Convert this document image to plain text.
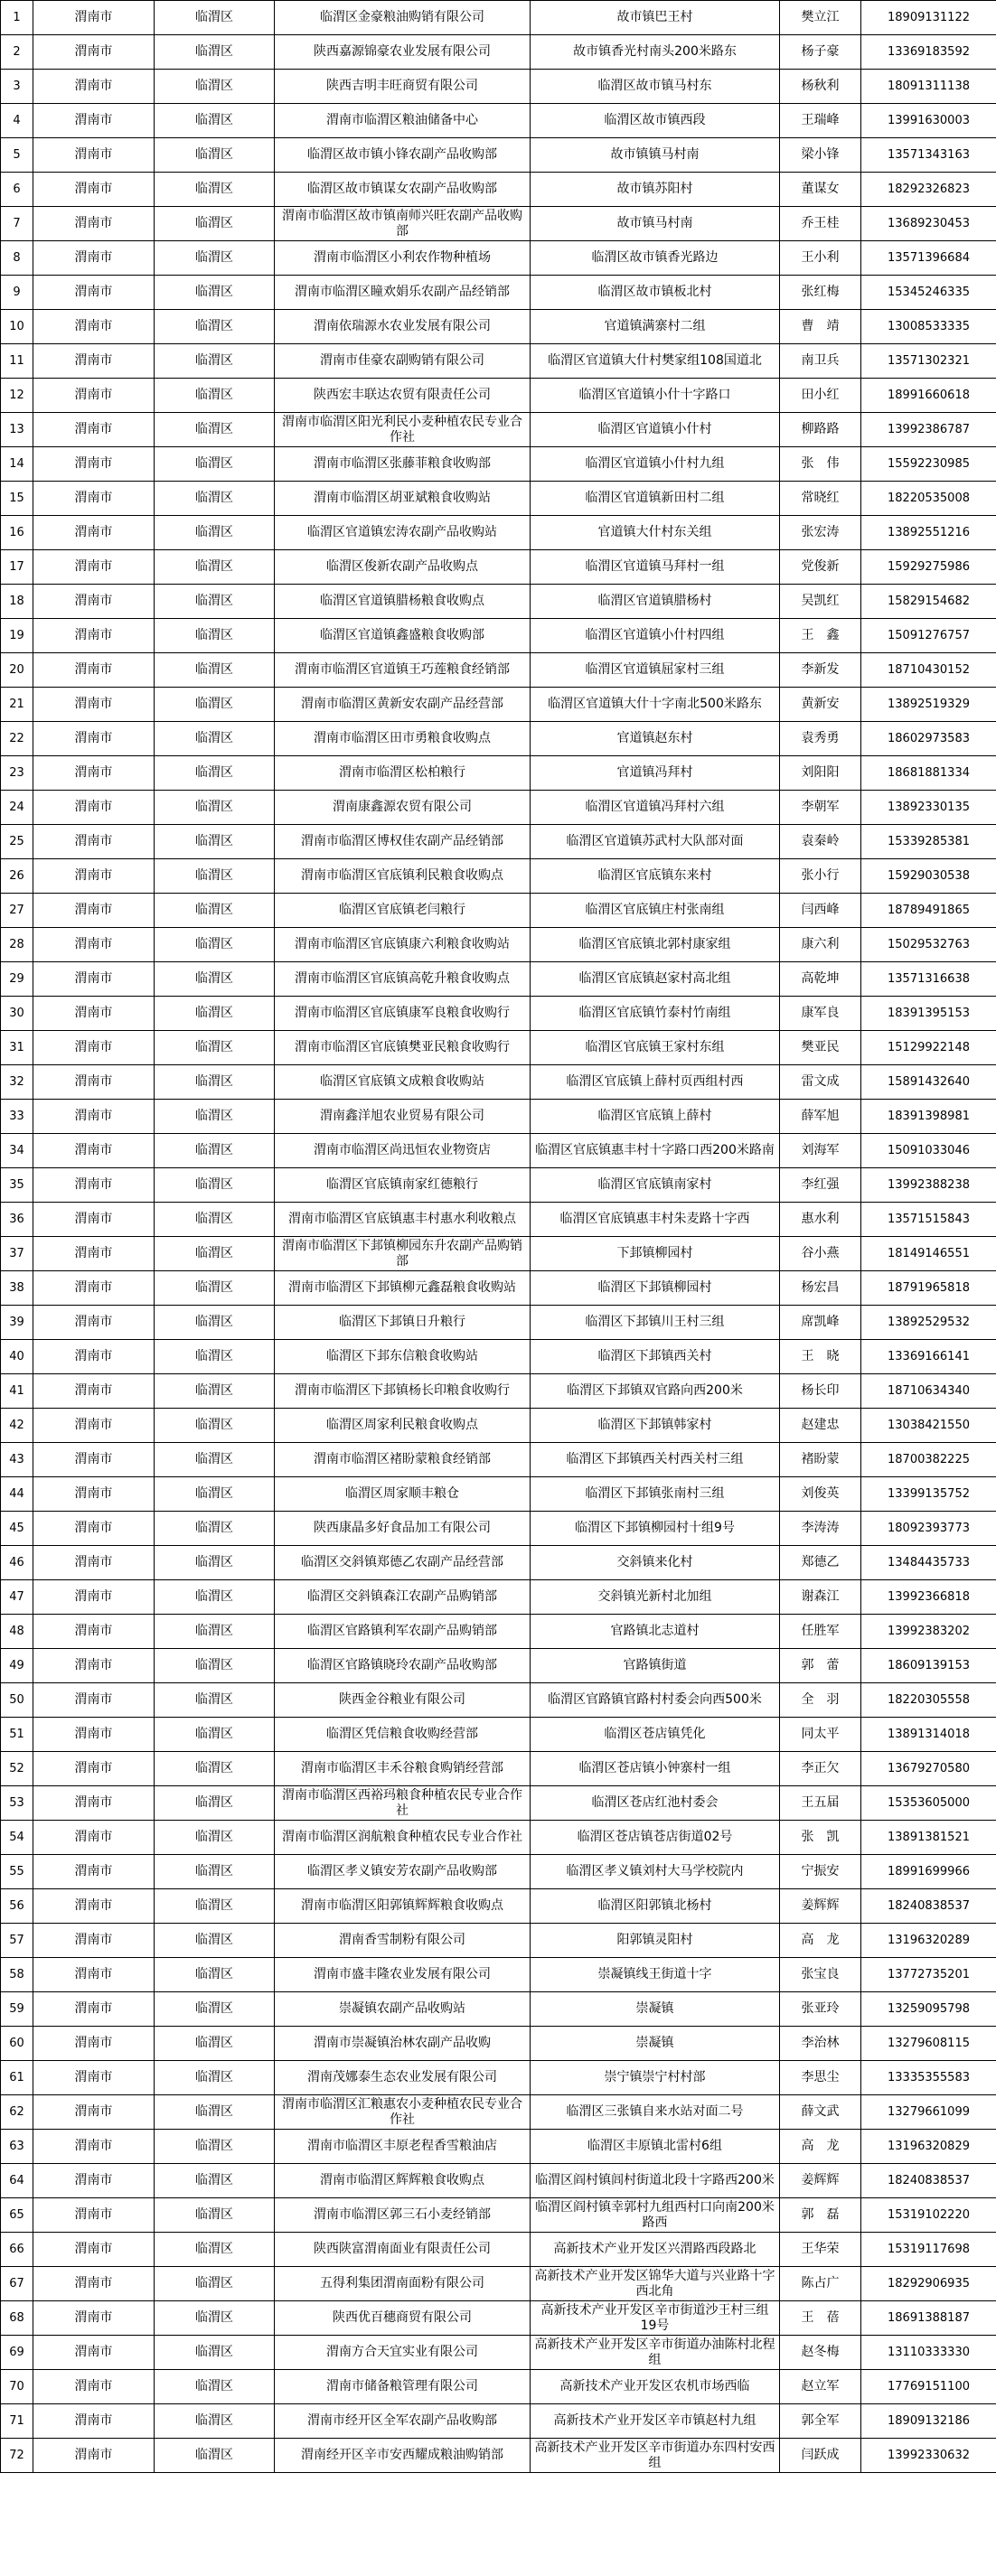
1	渭南市	临渭区	临渭区金豪粮油购销有限公司	故市镇巴王村	樊立江	18909131122
2	渭南市	临渭区	陕西嘉源锦豪农业发展有限公司	故市镇香光村南头200米路东	杨子豪	13369183592
3	渭南市	临渭区	陕西吉明丰旺商贸有限公司	临渭区故市镇马村东	杨秋利	18091311138
4	渭南市	临渭区	渭南市临渭区粮油储备中心	临渭区故市镇西段	王瑞峰	13991630003
5	渭南市	临渭区	临渭区故市镇小锋农副产品收购部	故市镇镇马村南	梁小锋	13571343163
6	渭南市	临渭区	临渭区故市镇谋女农副产品收购部	故市镇苏阳村	董谋女	18292326823
7	渭南市	临渭区	渭南市临渭区故市镇南师兴旺农副产品收购部	故市镇马村南	乔王桂	13689230453
8	渭南市	临渭区	渭南市临渭区小利农作物种植场	临渭区故市镇香光路边	王小利	13571396684
9	渭南市	临渭区	渭南市临渭区瞳欢娟乐农副产品经销部	临渭区故市镇板北村	张红梅	15345246335
10	渭南市	临渭区	渭南依瑞源水农业发展有限公司	官道镇满寨村二组	曹　靖	13008533335
11	渭南市	临渭区	渭南市佳豪农副购销有限公司	临渭区官道镇大什村樊家组108国道北	南卫兵	13571302321
12	渭南市	临渭区	陕西宏丰联达农贸有限责任公司	临渭区官道镇小什十字路口	田小红	18991660618
13	渭南市	临渭区	渭南市临渭区阳光利民小麦种植农民专业合作社	临渭区官道镇小什村	柳路路	13992386787
14	渭南市	临渭区	渭南市临渭区张藤菲粮食收购部	临渭区官道镇小什村九组	张　伟	15592230985
15	渭南市	临渭区	渭南市临渭区胡亚斌粮食收购站	临渭区官道镇新田村二组	常晓红	18220535008
16	渭南市	临渭区	临渭区官道镇宏涛农副产品收购站	官道镇大什村东关组	张宏涛	13892551216
17	渭南市	临渭区	临渭区俊新农副产品收购点	临渭区官道镇马拜村一组	党俊新	15929275986
18	渭南市	临渭区	临渭区官道镇腊杨粮食收购点	临渭区官道镇腊杨村	吴凯红	15829154682
19	渭南市	临渭区	临渭区官道镇鑫盛粮食收购部	临渭区官道镇小什村四组	王　鑫	15091276757
20	渭南市	临渭区	渭南市临渭区官道镇王巧莲粮食经销部	临渭区官道镇屈家村三组	李新发	18710430152
21	渭南市	临渭区	渭南市临渭区黄新安农副产品经营部	临渭区官道镇大什十字南北500米路东	黄新安	13892519329
22	渭南市	临渭区	渭南市临渭区田市勇粮食收购点	官道镇赵东村	袁秀勇	18602973583
23	渭南市	临渭区	渭南市临渭区松柏粮行	官道镇冯拜村	刘阳阳	18681881334
24	渭南市	临渭区	渭南康鑫源农贸有限公司	临渭区官道镇冯拜村六组	李朝军	13892330135
25	渭南市	临渭区	渭南市临渭区博权佳农副产品经销部	临渭区官道镇苏武村大队部对面	袁秦岭	15339285381
26	渭南市	临渭区	渭南市临渭区官底镇利民粮食收购点	临渭区官底镇东来村	张小行	15929030538
27	渭南市	临渭区	临渭区官底镇老闫粮行	临渭区官底镇庄村张南组	闫西峰	18789491865
28	渭南市	临渭区	渭南市临渭区官底镇康六利粮食收购站	临渭区官底镇北郭村康家组	康六利	15029532763
29	渭南市	临渭区	渭南市临渭区官底镇高乾升粮食收购点	临渭区官底镇赵家村高北组	高乾坤	13571316638
30	渭南市	临渭区	渭南市临渭区官底镇康军良粮食收购行	临渭区官底镇竹泰村竹南组	康军良	18391395153
31	渭南市	临渭区	渭南市临渭区官底镇樊亚民粮食收购行	临渭区官底镇王家村东组	樊亚民	15129922148
32	渭南市	临渭区	临渭区官底镇文成粮食收购站	临渭区官底镇上薛村页西组村西	雷文成	15891432640
33	渭南市	临渭区	渭南鑫洋旭农业贸易有限公司	临渭区官底镇上薛村	薛军旭	18391398981
34	渭南市	临渭区	渭南市临渭区尚迅恒农业物资店	临渭区官底镇惠丰村十字路口西200米路南	刘海军	15091033046
35	渭南市	临渭区	临渭区官底镇南家红德粮行	临渭区官底镇南家村	李红强	13992388238
36	渭南市	临渭区	渭南市临渭区官底镇惠丰村惠水利收粮点	临渭区官底镇惠丰村朱麦路十字西	惠水利	13571515843
37	渭南市	临渭区	渭南市临渭区下邽镇柳园东升农副产品购销部	下邽镇柳园村	谷小燕	18149146551
38	渭南市	临渭区	渭南市临渭区下邽镇柳元鑫磊粮食收购站	临渭区下邽镇柳园村	杨宏昌	18791965818
39	渭南市	临渭区	临渭区下邽镇日升粮行	临渭区下邽镇川王村三组	席凯峰	13892529532
40	渭南市	临渭区	临渭区下邽东信粮食收购站	临渭区下邽镇西关村	王　晓	13369166141
41	渭南市	临渭区	渭南市临渭区下邽镇杨长印粮食收购行	临渭区下邽镇双官路向西200米	杨长印	18710634340
42	渭南市	临渭区	临渭区周家利民粮食收购点	临渭区下邽镇韩家村	赵建忠	13038421550
43	渭南市	临渭区	渭南市临渭区褚盼蒙粮食经销部	临渭区下邽镇西关村西关村三组	褚盼蒙	18700382225
44	渭南市	临渭区	临渭区周家顺丰粮仓	临渭区下邽镇张南村三组	刘俊英	13399135752
45	渭南市	临渭区	陕西康晶多好食品加工有限公司	临渭区下邽镇柳园村十组9号	李涛涛	18092393773
46	渭南市	临渭区	临渭区交斜镇郑德乙农副产品经营部	交斜镇来化村	郑德乙	13484435733
47	渭南市	临渭区	临渭区交斜镇森江农副产品购销部	交斜镇光新村北加组	谢森江	13992366818
48	渭南市	临渭区	临渭区官路镇利军农副产品购销部	官路镇北志道村	任胜军	13992383202
49	渭南市	临渭区	临渭区官路镇晓玲农副产品收购部	官路镇街道	郭　蕾	18609139153
50	渭南市	临渭区	陕西金谷粮业有限公司	临渭区官路镇官路村村委会向西500米	全　羽	18220305558
51	渭南市	临渭区	临渭区凭信粮食收购经营部	临渭区苍店镇凭化	同太平	13891314018
52	渭南市	临渭区	渭南市临渭区丰禾谷粮食购销经营部	临渭区苍店镇小钟寨村一组	李正欠	13679270580
53	渭南市	临渭区	渭南市临渭区西裕玛粮食种植农民专业合作社	临渭区苍店红池村委会	王五届	15353605000
54	渭南市	临渭区	渭南市临渭区润航粮食种植农民专业合作社	临渭区苍店镇苍店街道02号	张　凯	13891381521
55	渭南市	临渭区	临渭区孝义镇安芳农副产品收购部	临渭区孝义镇刘村大马学校院内	宁振安	18991699966
56	渭南市	临渭区	渭南市临渭区阳郭镇辉辉粮食收购点	临渭区阳郭镇北杨村	姜辉辉	18240838537
57	渭南市	临渭区	渭南香雪制粉有限公司	阳郭镇灵阳村	高　龙	13196320289
58	渭南市	临渭区	渭南市盛丰隆农业发展有限公司	崇凝镇线王街道十字	张宝良	13772735201
59	渭南市	临渭区	崇凝镇农副产品收购站	崇凝镇	张亚玲	13259095798
60	渭南市	临渭区	渭南市崇凝镇治林农副产品收购	崇凝镇	李治林	13279608115
61	渭南市	临渭区	渭南茂娜泰生态农业发展有限公司	崇宁镇崇宁村村部	李思尘	13335355583
62	渭南市	临渭区	渭南市临渭区汇粮惠农小麦种植农民专业合作社	临渭区三张镇自来水站对面二号	薛文武	13279661099
63	渭南市	临渭区	渭南市临渭区丰原老程香雪粮油店	临渭区丰原镇北雷村6组	高　龙	13196320829
64	渭南市	临渭区	渭南市临渭区辉辉粮食收购点	临渭区阎村镇闾村街道北段十字路西200米	姜辉辉	18240838537
65	渭南市	临渭区	渭南市临渭区郭三石小麦经销部	临渭区阎村镇幸郭村九组西村口向南200米路西	郭　磊	15319102220
66	渭南市	临渭区	陕西陕富渭南面业有限责任公司	高新技术产业开发区兴渭路西段路北	王华荣	15319117698
67	渭南市	临渭区	五得利集团渭南面粉有限公司	高新技术产业开发区锦华大道与兴业路十字西北角	陈占广	18292906935
68	渭南市	临渭区	陕西优百穗商贸有限公司	高新技术产业开发区辛市街道沙王村三组19号	王　蓓	18691388187
69	渭南市	临渭区	渭南方合天宜实业有限公司	高新技术产业开发区辛市街道办油陈村北程组	赵冬梅	13110333330
70	渭南市	临渭区	渭南市储备粮管理有限公司	高新技术产业开发区农机市场西临	赵立军	17769151100
71	渭南市	临渭区	渭南市经开区全军农副产品收购部	高新技术产业开发区辛市镇赵村九组	郭全军	18909132186
72	渭南市	临渭区	渭南经开区辛市安西耀成粮油购销部	高新技术产业开发区辛市街道办东四村安西组	闫跃成	13992330632
